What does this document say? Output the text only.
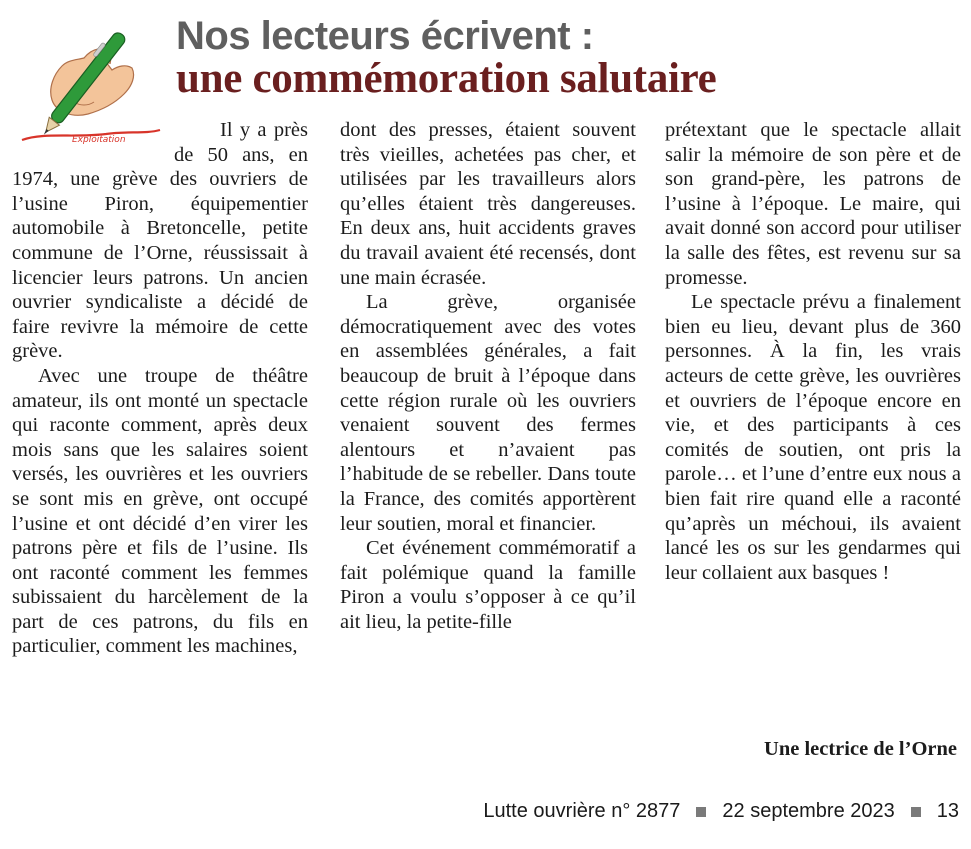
Exploitation
Nos lecteurs écrivent :
une commémoration salutaire

Il y a près de 50 ans, en 1974, une grève des ouvriers de l’usine Piron, équipementier automobile à Bretoncelle, petite commune de l’Orne, réussissait à licencier leurs patrons. Un ancien ouvrier syndicaliste a décidé de faire revivre la mémoire de cette grève.

Avec une troupe de théâtre amateur, ils ont monté un spectacle qui raconte comment, après deux mois sans que les salaires soient versés, les ouvrières et les ouvriers se sont mis en grève, ont occupé l’usine et ont décidé d’en virer les patrons père et fils de l’usine. Ils ont raconté comment les femmes subissaient du harcèlement de la part de ces patrons, du fils en particulier, comment les machines,

dont des presses, étaient souvent très vieilles, achetées pas cher, et utilisées par les travailleurs alors qu’elles étaient très dangereuses. En deux ans, huit accidents graves du travail avaient été recensés, dont une main écrasée.

La grève, organisée démocratiquement avec des votes en assemblées générales, a fait beaucoup de bruit à l’époque dans cette région rurale où les ouvriers venaient souvent des fermes alentours et n’avaient pas l’habitude de se rebeller. Dans toute la France, des comités apportèrent leur soutien, moral et financier.

Cet événement commémoratif a fait polémique quand la famille Piron a voulu s’opposer à ce qu’il ait lieu, la petite-fille

prétextant que le spectacle allait salir la mémoire de son père et de son grand-père, les patrons de l’usine à l’époque. Le maire, qui avait donné son accord pour utiliser la salle des fêtes, est revenu sur sa promesse.

Le spectacle prévu a finalement bien eu lieu, devant plus de 360 personnes. À la fin, les vrais acteurs de cette grève, les ouvrières et ouvriers de l’époque encore en vie, et des participants à ces comités de soutien, ont pris la parole… et l’une d’entre eux nous a bien fait rire quand elle a raconté qu’après un méchoui, ils avaient lancé les os sur les gendarmes qui leur collaient aux basques !

Une lectrice de l’Orne
Lutte ouvrière n° 2877 22 septembre 2023 13
